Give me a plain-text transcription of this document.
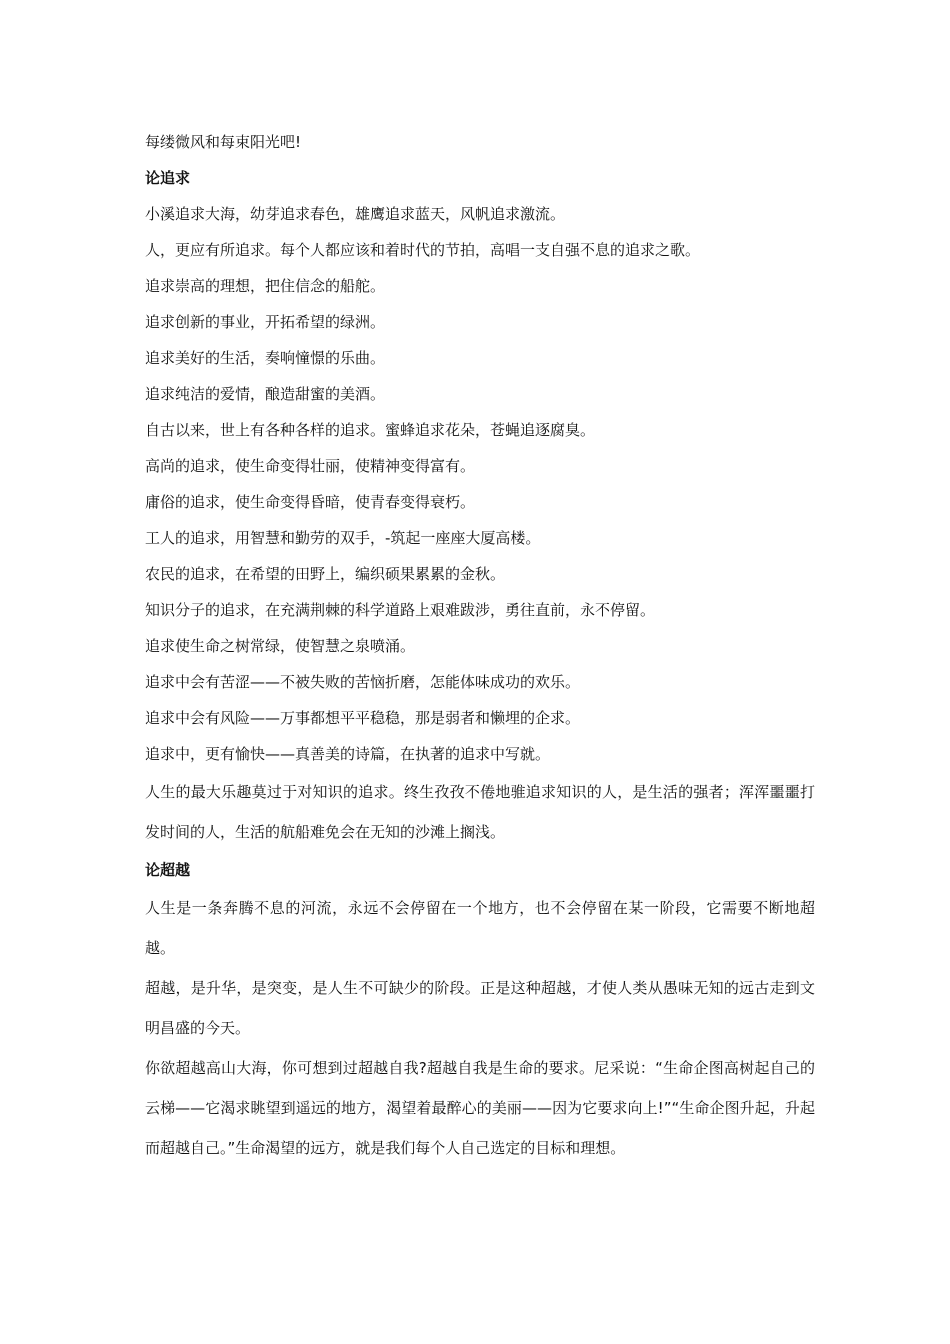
每缕微风和每束阳光吧!

论追求

小溪追求大海，幼芽追求春色，雄鹰追求蓝天，风帆追求激流。

人，更应有所追求。每个人都应该和着时代的节拍，高唱一支自强不息的追求之歌。

追求崇高的理想，把住信念的船舵。

追求创新的事业，开拓希望的绿洲。

追求美好的生活，奏响憧憬的乐曲。

追求纯洁的爱情，酿造甜蜜的美酒。

自古以来，世上有各种各样的追求。蜜蜂追求花朵，苍蝇追逐腐臭。

高尚的追求，使生命变得壮丽，使精神变得富有。

庸俗的追求，使生命变得昏暗，使青春变得衰朽。

工人的追求，用智慧和勤劳的双手，-筑起一座座大厦高楼。

农民的追求，在希望的田野上，编织硕果累累的金秋。

知识分子的追求，在充满荆棘的科学道路上艰难跋涉，勇往直前，永不停留。

追求使生命之树常绿，使智慧之泉喷涌。

追求中会有苦涩——不被失败的苦恼折磨，怎能体味成功的欢乐。

追求中会有风险——万事都想平平稳稳，那是弱者和懒埋的企求。

追求中，更有愉快——真善美的诗篇，在执著的追求中写就。

人生的最大乐趣莫过于对知识的追求。终生孜孜不倦地骓追求知识的人，是生活的强者；浑浑噩噩打发时间的人，生活的航船难免会在无知的沙滩上搁浅。

论超越

人生是一条奔腾不息的河流，永远不会停留在一个地方，也不会停留在某一阶段，它需要不断地超越。

超越，是升华，是突变，是人生不可缺少的阶段。正是这种超越，才使人类从愚味无知的远古走到文明昌盛的今天。

你欲超越高山大海，你可想到过超越自我?超越自我是生命的要求。尼采说：“生命企图高树起自己的云梯——它渴求眺望到遥远的地方，渴望着最醉心的美丽——因为它要求向上!”“生命企图升起，升起而超越自己。”生命渴望的远方，就是我们每个人自己选定的目标和理想。
